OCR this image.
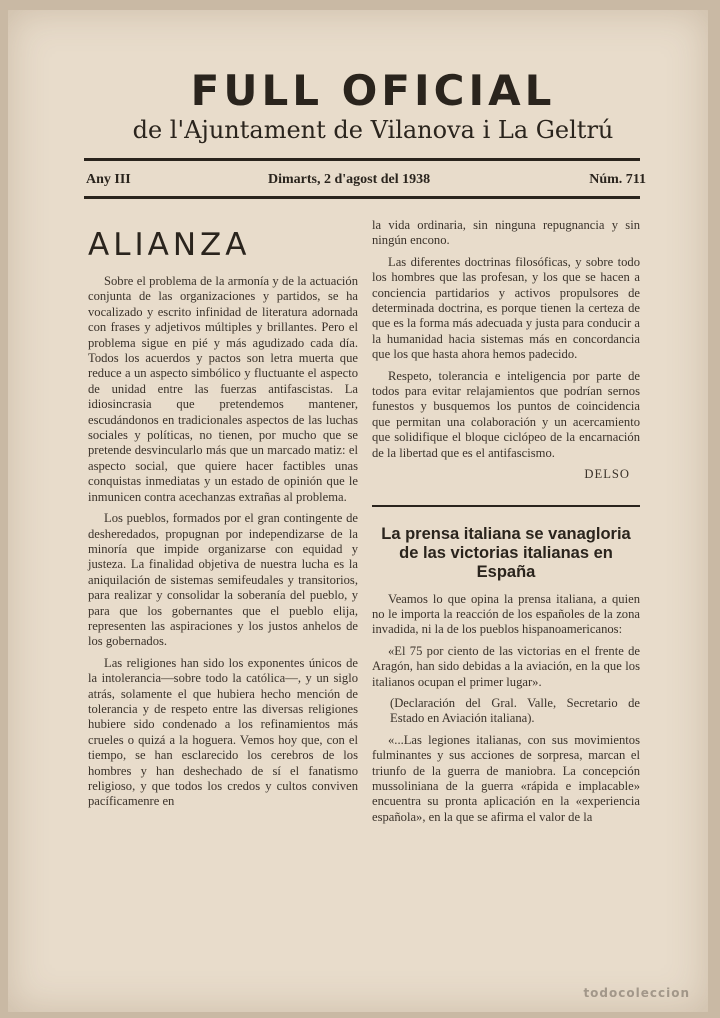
FULL OFICIAL
de l'Ajuntament de Vilanova i La Geltrú
Any III	Dimarts, 2 d'agost del 1938	Núm. 711
ALIANZA

Sobre el problema de la armonía y de la actuación conjunta de las organizaciones y partidos, se ha vocalizado y escrito infinidad de literatura adornada con frases y adjetivos múltiples y brillantes. Pero el problema sigue en pié y más agudizado cada día. Todos los acuerdos y pactos son letra muerta que reduce a un aspecto simbólico y fluctuante el aspecto de unidad entre las fuerzas antifascistas. La idiosincrasia que pretendemos mantener, escudándonos en tradicionales aspectos de las luchas sociales y políticas, no tienen, por mucho que se pretende desvincularlo más que un marcado matiz: el aspecto social, que quiere hacer factibles unas conquistas inmediatas y un estado de opinión que le inmunicen contra acechanzas extrañas al problema.

Los pueblos, formados por el gran contingente de desheredados, propugnan por independizarse de la minoría que impide organizarse con equidad y justeza. La finalidad objetiva de nuestra lucha es la aniquilación de sistemas semifeudales y transitorios, para realizar y consolidar la soberanía del pueblo, y para que los gobernantes que el pueblo elija, representen las aspiraciones y los justos anhelos de los gobernados.

Las religiones han sido los exponentes únicos de la intolerancia—sobre todo la católica—, y un siglo atrás, solamente el que hubiera hecho mención de tolerancia y de respeto entre las diversas religiones hubiere sido condenado a los refinamientos más crueles o quizá a la hoguera. Vemos hoy que, con el tiempo, se han esclarecido los cerebros de los hombres y han deshechado de sí el fanatismo religioso, y que todos los credos y cultos conviven pacíficamenre en

la vida ordinaria, sin ninguna repugnancia y sin ningún encono.

Las diferentes doctrinas filosóficas, y sobre todo los hombres que las profesan, y los que se hacen a conciencia partidarios y activos propulsores de determinada doctrina, es porque tienen la certeza de que es la forma más adecuada y justa para conducir a la humanidad hacia sistemas más en concordancia que los que hasta ahora hemos padecido.

Respeto, tolerancia e inteligencia por parte de todos para evitar relajamientos que podrían sernos funestos y busquemos los puntos de coincidencia que permitan una colaboración y un acercamiento que solidifique el bloque ciclópeo de la encarnación de la libertad que es el antifascismo.

DELSO
La prensa italiana se vanagloria de las victorias italianas en España

Veamos lo que opina la prensa italiana, a quien no le importa la reacción de los españoles de la zona invadida, ni la de los pueblos hispanoamericanos:

«El 75 por ciento de las victorias en el frente de Aragón, han sido debidas a la aviación, en la que los italianos ocupan el primer lugar».

(Declaración del Gral. Valle, Secretario de Estado en Aviación italiana).

«...Las legiones italianas, con sus movimientos fulminantes y sus acciones de sorpresa, marcan el triunfo de la guerra de maniobra. La concepción mussoliniana de la guerra «rápida e implacable» encuentra su pronta aplicación en la «experiencia española», en la que se afirma el valor de la

todocoleccion
